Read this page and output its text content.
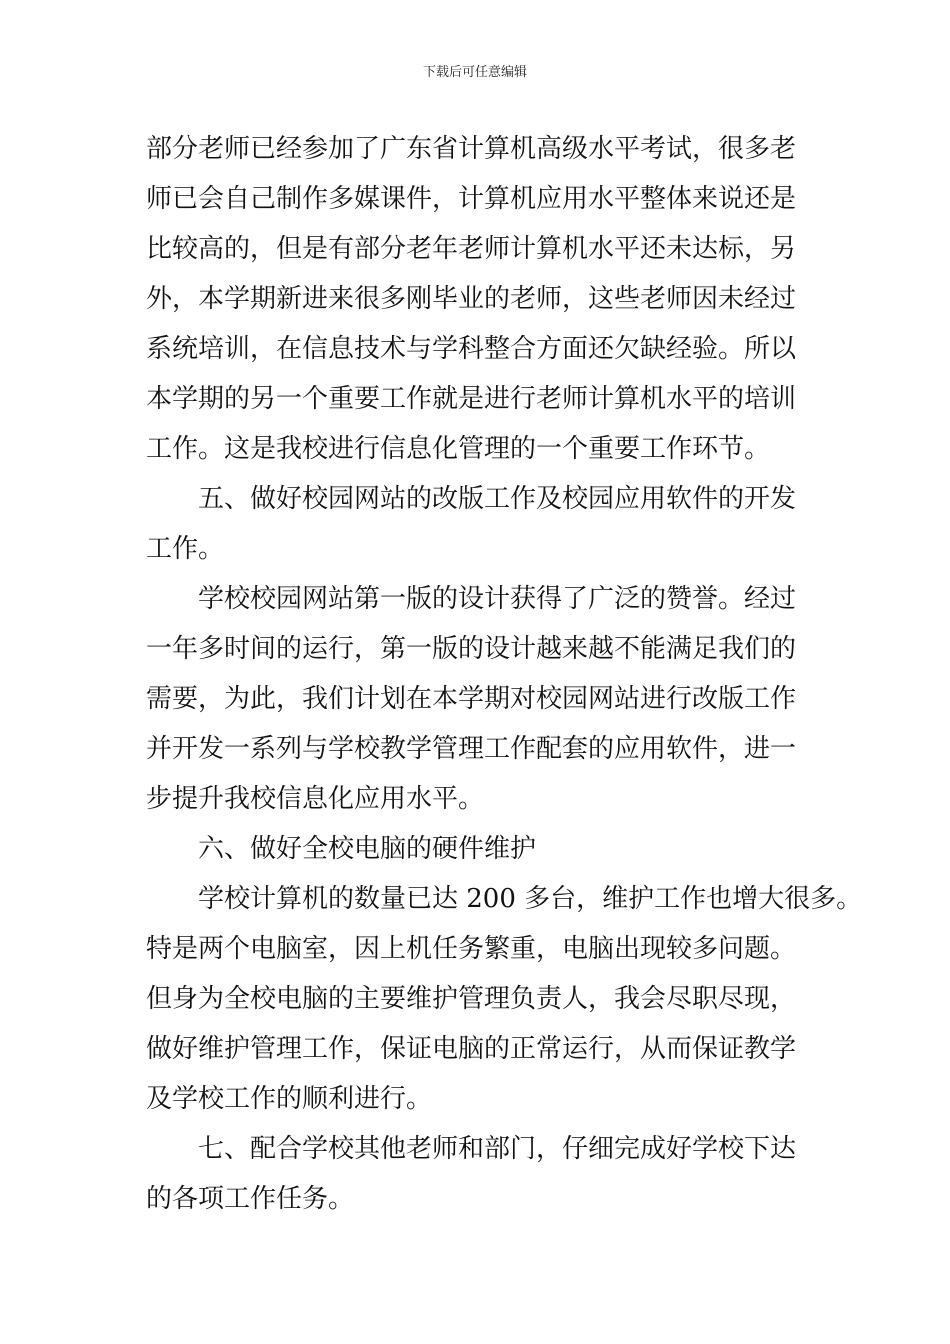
下载后可任意编辑
部分老师已经参加了广东省计算机高级水平考试，很多老
师已会自己制作多媒课件，计算机应用水平整体来说还是
比较高的，但是有部分老年老师计算机水平还未达标，另
外，本学期新进来很多刚毕业的老师，这些老师因未经过
系统培训，在信息技术与学科整合方面还欠缺经验。所以
本学期的另一个重要工作就是进行老师计算机水平的培训
工作。这是我校进行信息化管理的一个重要工作环节。
五、做好校园网站的改版工作及校园应用软件的开发
工作。
学校校园网站第一版的设计获得了广泛的赞誉。经过
一年多时间的运行，第一版的设计越来越不能满足我们的
需要，为此，我们计划在本学期对校园网站进行改版工作
并开发一系列与学校教学管理工作配套的应用软件，进一
步提升我校信息化应用水平。
六、做好全校电脑的硬件维护
学校计算机的数量已达 200 多台，维护工作也增大很多。
特是两个电脑室，因上机任务繁重，电脑出现较多问题。
但身为全校电脑的主要维护管理负责人，我会尽职尽现，
做好维护管理工作，保证电脑的正常运行，从而保证教学
及学校工作的顺利进行。
七、配合学校其他老师和部门，仔细完成好学校下达
的各项工作任务。
